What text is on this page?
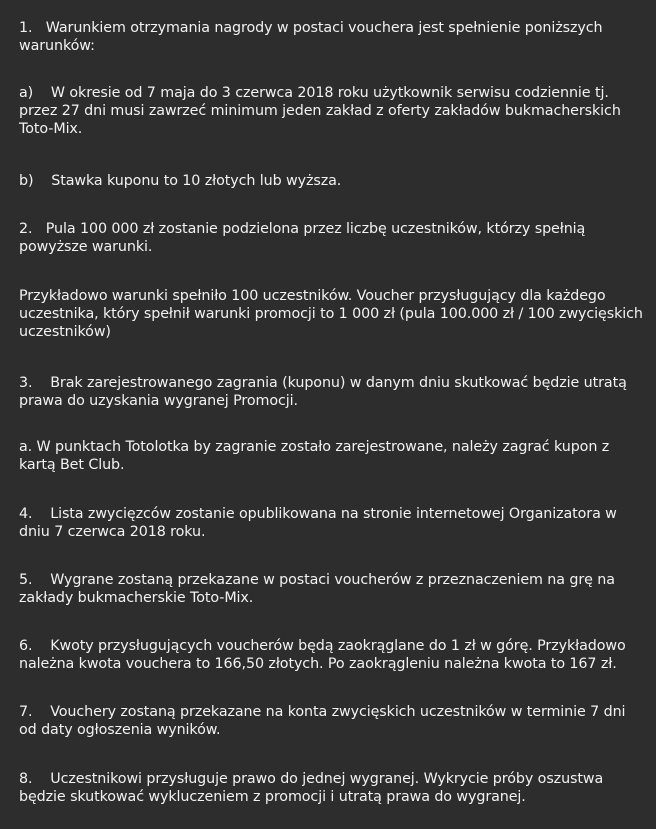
1.   Warunkiem otrzymania nagrody w postaci vouchera jest spełnienie poniższych warunków:

a)    W okresie od 7 maja do 3 czerwca 2018 roku użytkownik serwisu codziennie tj. przez 27 dni musi zawrzeć minimum jeden zakład z oferty zakładów bukmacherskich Toto-Mix.

b)    Stawka kuponu to 10 złotych lub wyższa.

2.   Pula 100 000 zł zostanie podzielona przez liczbę uczestników, którzy spełnią powyższe warunki.

Przykładowo warunki spełniło 100 uczestników. Voucher przysługujący dla każdego uczestnika, który spełnił warunki promocji to 1 000 zł (pula 100.000 zł / 100 zwycięskich uczestników)

3.    Brak zarejestrowanego zagrania (kuponu) w danym dniu skutkować będzie utratą prawa do uzyskania wygranej Promocji.

a. W punktach Totolotka by zagranie zostało zarejestrowane, należy zagrać kupon z kartą Bet Club.

4.    Lista zwycięzców zostanie opublikowana na stronie internetowej Organizatora w dniu 7 czerwca 2018 roku.

5.    Wygrane zostaną przekazane w postaci voucherów z przeznaczeniem na grę na zakłady bukmacherskie Toto-Mix.

6.    Kwoty przysługujących voucherów będą zaokrąglane do 1 zł w górę. Przykładowo należna kwota vouchera to 166,50 złotych. Po zaokrągleniu należna kwota to 167 zł.

7.    Vouchery zostaną przekazane na konta zwycięskich uczestników w terminie 7 dni od daty ogłoszenia wyników.

8.    Uczestnikowi przysługuje prawo do jednej wygranej. Wykrycie próby oszustwa będzie skutkować wykluczeniem z promocji i utratą prawa do wygranej.
